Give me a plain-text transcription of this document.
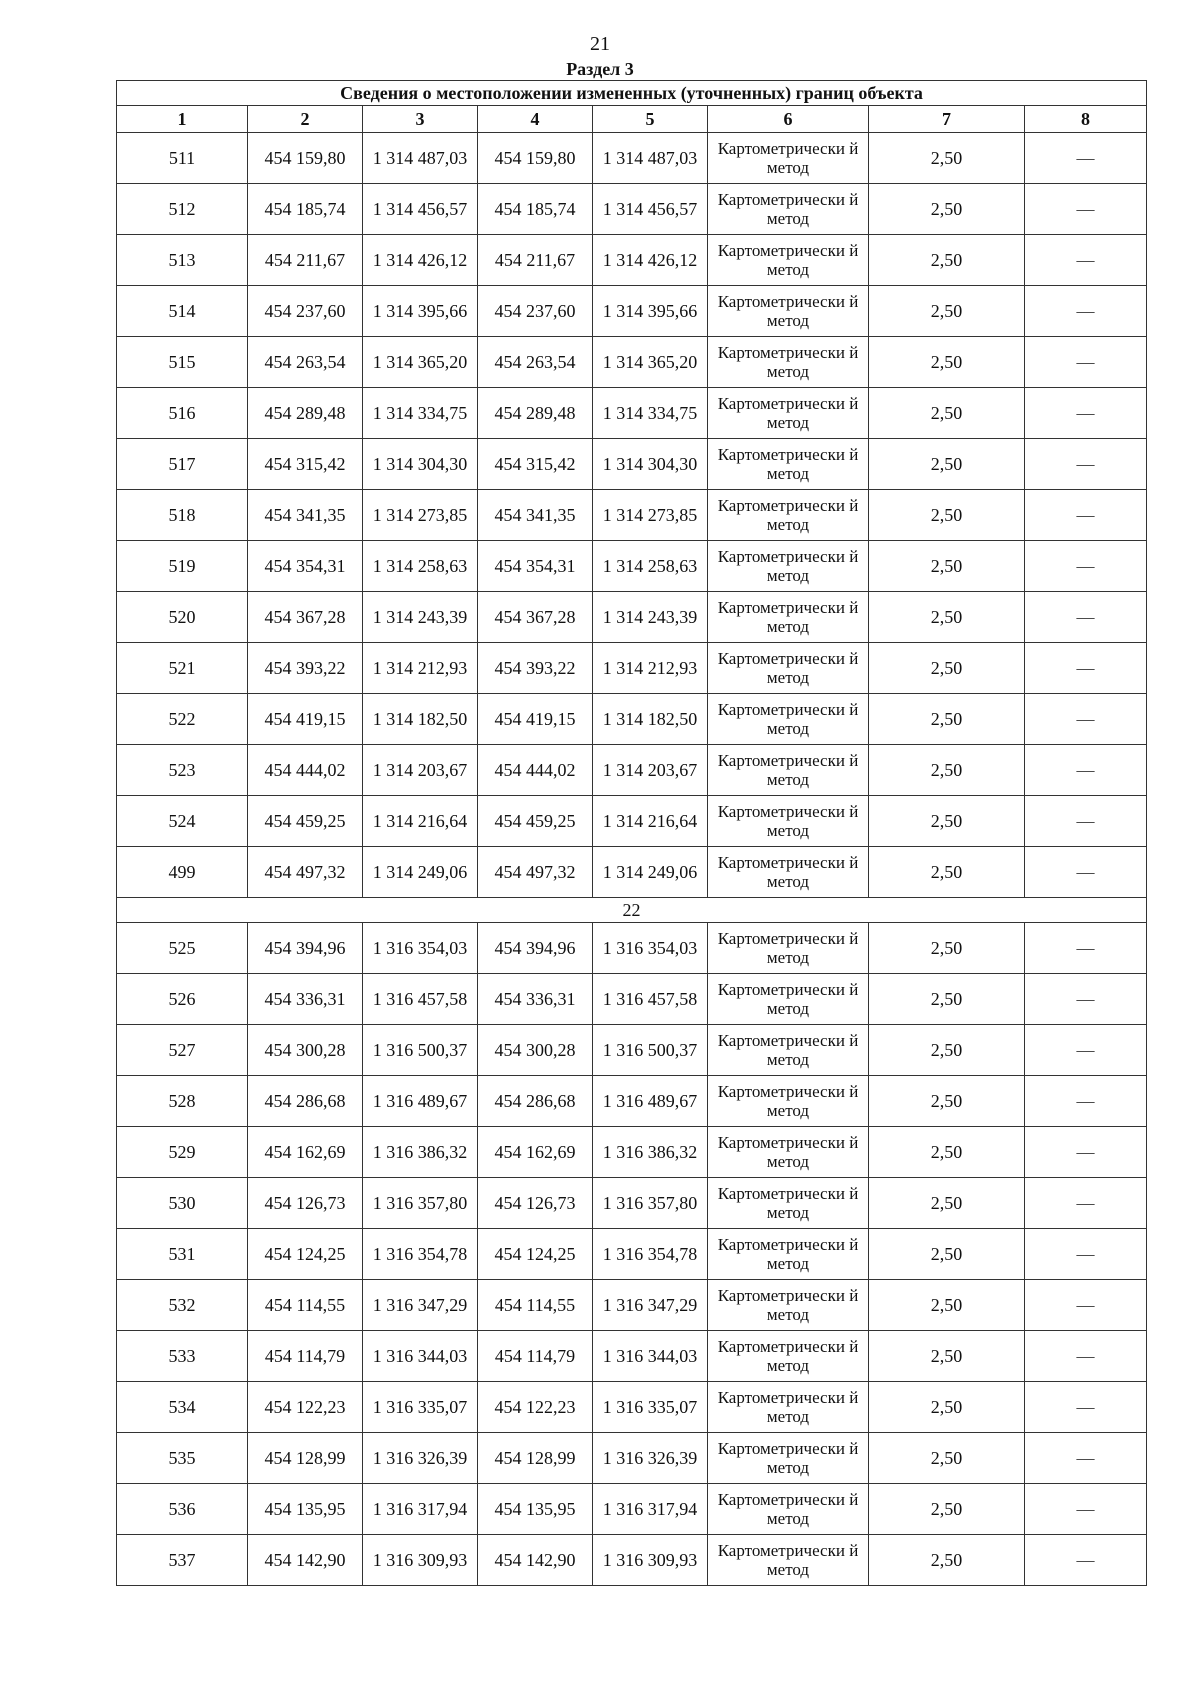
21
Раздел 3
Сведения о местоположении измененных (уточненных) границ объекта							
1	2	3	4	5	6	7	8
511	454 159,80	1 314 487,03	454 159,80	1 314 487,03	Картометрически й метод	2,50	—
512	454 185,74	1 314 456,57	454 185,74	1 314 456,57	Картометрически й метод	2,50	—
513	454 211,67	1 314 426,12	454 211,67	1 314 426,12	Картометрически й метод	2,50	—
514	454 237,60	1 314 395,66	454 237,60	1 314 395,66	Картометрически й метод	2,50	—
515	454 263,54	1 314 365,20	454 263,54	1 314 365,20	Картометрически й метод	2,50	—
516	454 289,48	1 314 334,75	454 289,48	1 314 334,75	Картометрически й метод	2,50	—
517	454 315,42	1 314 304,30	454 315,42	1 314 304,30	Картометрически й метод	2,50	—
518	454 341,35	1 314 273,85	454 341,35	1 314 273,85	Картометрически й метод	2,50	—
519	454 354,31	1 314 258,63	454 354,31	1 314 258,63	Картометрически й метод	2,50	—
520	454 367,28	1 314 243,39	454 367,28	1 314 243,39	Картометрически й метод	2,50	—
521	454 393,22	1 314 212,93	454 393,22	1 314 212,93	Картометрически й метод	2,50	—
522	454 419,15	1 314 182,50	454 419,15	1 314 182,50	Картометрически й метод	2,50	—
523	454 444,02	1 314 203,67	454 444,02	1 314 203,67	Картометрически й метод	2,50	—
524	454 459,25	1 314 216,64	454 459,25	1 314 216,64	Картометрически й метод	2,50	—
499	454 497,32	1 314 249,06	454 497,32	1 314 249,06	Картометрически й метод	2,50	—
22							
525	454 394,96	1 316 354,03	454 394,96	1 316 354,03	Картометрически й метод	2,50	—
526	454 336,31	1 316 457,58	454 336,31	1 316 457,58	Картометрически й метод	2,50	—
527	454 300,28	1 316 500,37	454 300,28	1 316 500,37	Картометрически й метод	2,50	—
528	454 286,68	1 316 489,67	454 286,68	1 316 489,67	Картометрически й метод	2,50	—
529	454 162,69	1 316 386,32	454 162,69	1 316 386,32	Картометрически й метод	2,50	—
530	454 126,73	1 316 357,80	454 126,73	1 316 357,80	Картометрически й метод	2,50	—
531	454 124,25	1 316 354,78	454 124,25	1 316 354,78	Картометрически й метод	2,50	—
532	454 114,55	1 316 347,29	454 114,55	1 316 347,29	Картометрически й метод	2,50	—
533	454 114,79	1 316 344,03	454 114,79	1 316 344,03	Картометрически й метод	2,50	—
534	454 122,23	1 316 335,07	454 122,23	1 316 335,07	Картометрически й метод	2,50	—
535	454 128,99	1 316 326,39	454 128,99	1 316 326,39	Картометрически й метод	2,50	—
536	454 135,95	1 316 317,94	454 135,95	1 316 317,94	Картометрически й метод	2,50	—
537	454 142,90	1 316 309,93	454 142,90	1 316 309,93	Картометрически й метод	2,50	—
